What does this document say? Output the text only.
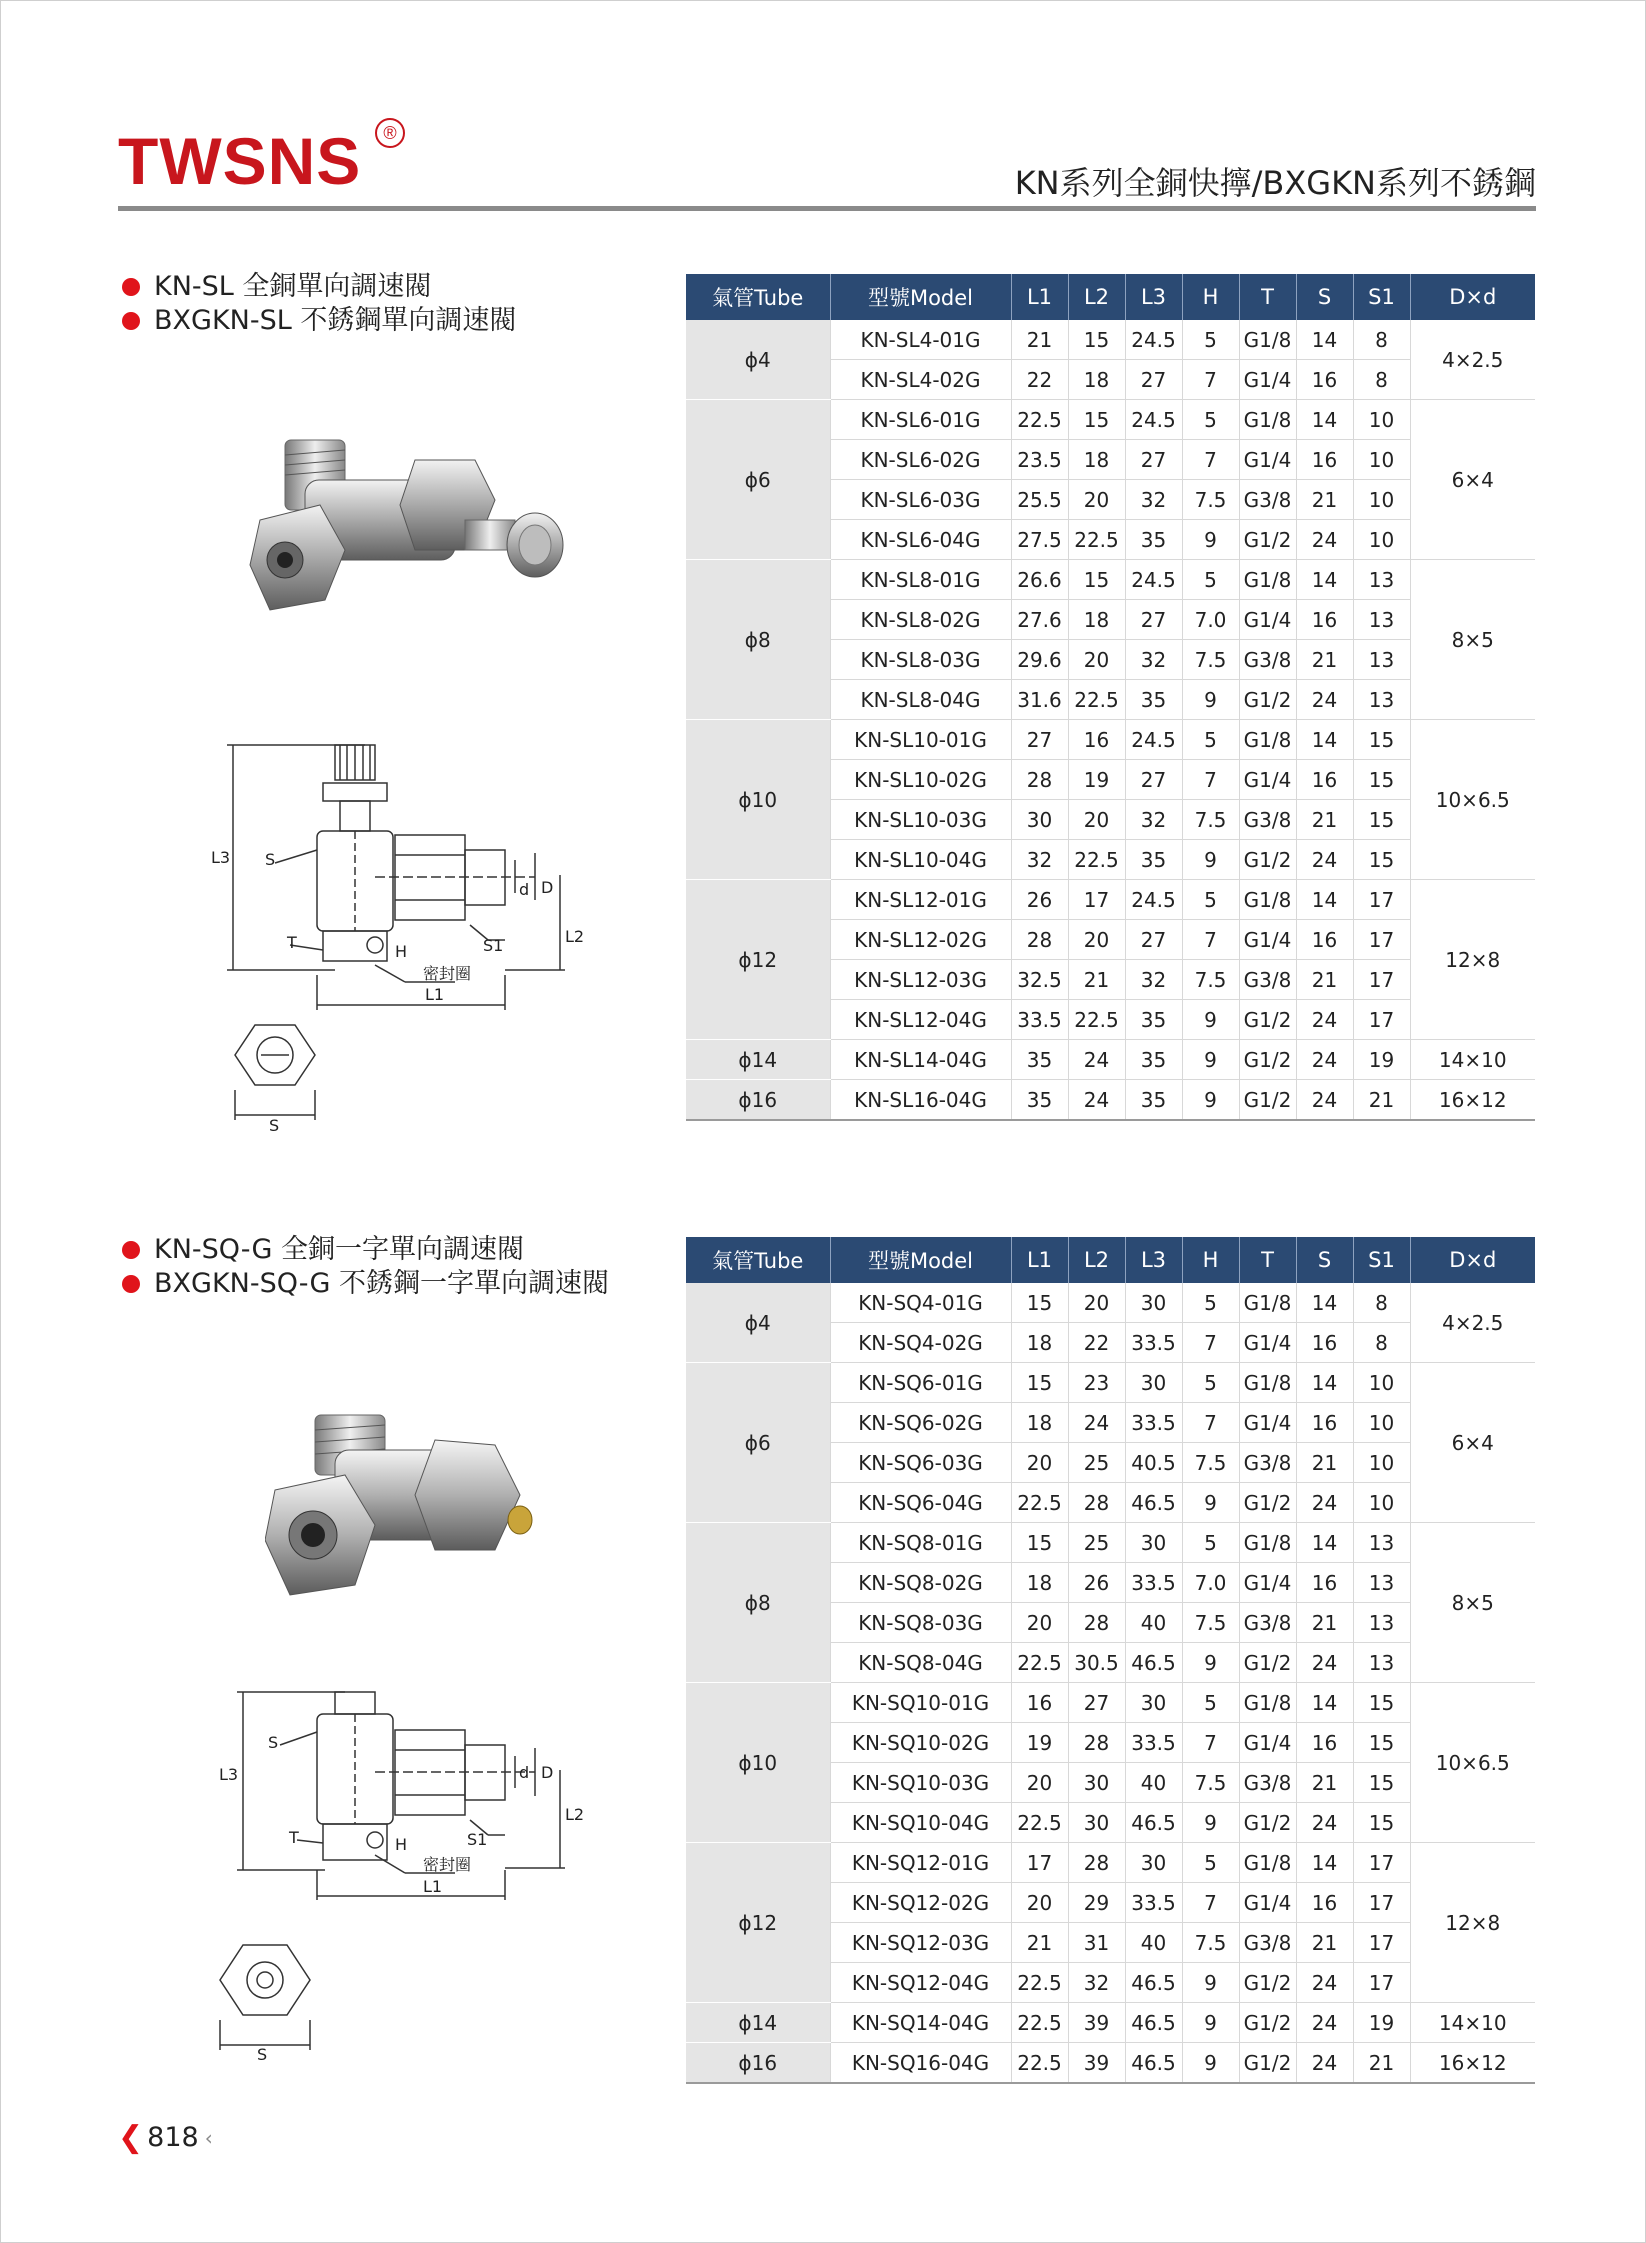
TWSNS	®
KN系列全銅快擰/BXGKN系列不銹鋼
KN-SL 全銅單向調速閥
BXGKN-SL 不銹鋼單向調速閥
L3 S
T	H	S1
密封圈
L1
d D
L2
S
氣管Tube	型號Model	L1	L2	L3	H	T	S	S1	D×d
ϕ4	KN-SL4-01G	21	15	24.5	5	G1/8	14	8	4×2.5
	KN-SL4-02G	22	18	27	7	G1/4	16	8	
ϕ6	KN-SL6-01G	22.5	15	24.5	5	G1/8	14	10	6×4
	KN-SL6-02G	23.5	18	27	7	G1/4	16	10	
	KN-SL6-03G	25.5	20	32	7.5	G3/8	21	10	
	KN-SL6-04G	27.5	22.5	35	9	G1/2	24	10	
ϕ8	KN-SL8-01G	26.6	15	24.5	5	G1/8	14	13	8×5
	KN-SL8-02G	27.6	18	27	7.0	G1/4	16	13	
	KN-SL8-03G	29.6	20	32	7.5	G3/8	21	13	
	KN-SL8-04G	31.6	22.5	35	9	G1/2	24	13	
ϕ10	KN-SL10-01G	27	16	24.5	5	G1/8	14	15	10×6.5
	KN-SL10-02G	28	19	27	7	G1/4	16	15	
	KN-SL10-03G	30	20	32	7.5	G3/8	21	15	
	KN-SL10-04G	32	22.5	35	9	G1/2	24	15	
ϕ12	KN-SL12-01G	26	17	24.5	5	G1/8	14	17	12×8
	KN-SL12-02G	28	20	27	7	G1/4	16	17	
	KN-SL12-03G	32.5	21	32	7.5	G3/8	21	17	
	KN-SL12-04G	33.5	22.5	35	9	G1/2	24	17	
ϕ14	KN-SL14-04G	35	24	35	9	G1/2	24	19	14×10
ϕ16	KN-SL16-04G	35	24	35	9	G1/2	24	21	16×12
KN-SQ-G 全銅一字單向調速閥
BXGKN-SQ-G 不銹鋼一字單向調速閥
L3
S
T	H	S1
密封圈
L1
d D
L2
S
氣管Tube	型號Model	L1	L2	L3	H	T	S	S1	D×d
ϕ4	KN-SQ4-01G	15	20	30	5	G1/8	14	8	4×2.5
	KN-SQ4-02G	18	22	33.5	7	G1/4	16	8	
ϕ6	KN-SQ6-01G	15	23	30	5	G1/8	14	10	6×4
	KN-SQ6-02G	18	24	33.5	7	G1/4	16	10	
	KN-SQ6-03G	20	25	40.5	7.5	G3/8	21	10	
	KN-SQ6-04G	22.5	28	46.5	9	G1/2	24	10	
ϕ8	KN-SQ8-01G	15	25	30	5	G1/8	14	13	8×5
	KN-SQ8-02G	18	26	33.5	7.0	G1/4	16	13	
	KN-SQ8-03G	20	28	40	7.5	G3/8	21	13	
	KN-SQ8-04G	22.5	30.5	46.5	9	G1/2	24	13	
ϕ10	KN-SQ10-01G	16	27	30	5	G1/8	14	15	10×6.5
	KN-SQ10-02G	19	28	33.5	7	G1/4	16	15	
	KN-SQ10-03G	20	30	40	7.5	G3/8	21	15	
	KN-SQ10-04G	22.5	30	46.5	9	G1/2	24	15	
ϕ12	KN-SQ12-01G	17	28	30	5	G1/8	14	17	12×8
	KN-SQ12-02G	20	29	33.5	7	G1/4	16	17	
	KN-SQ12-03G	21	31	40	7.5	G3/8	21	17	
	KN-SQ12-04G	22.5	32	46.5	9	G1/2	24	17	
ϕ14	KN-SQ14-04G	22.5	39	46.5	9	G1/2	24	19	14×10
ϕ16	KN-SQ16-04G	22.5	39	46.5	9	G1/2	24	21	16×12
❮ 818 ‹
